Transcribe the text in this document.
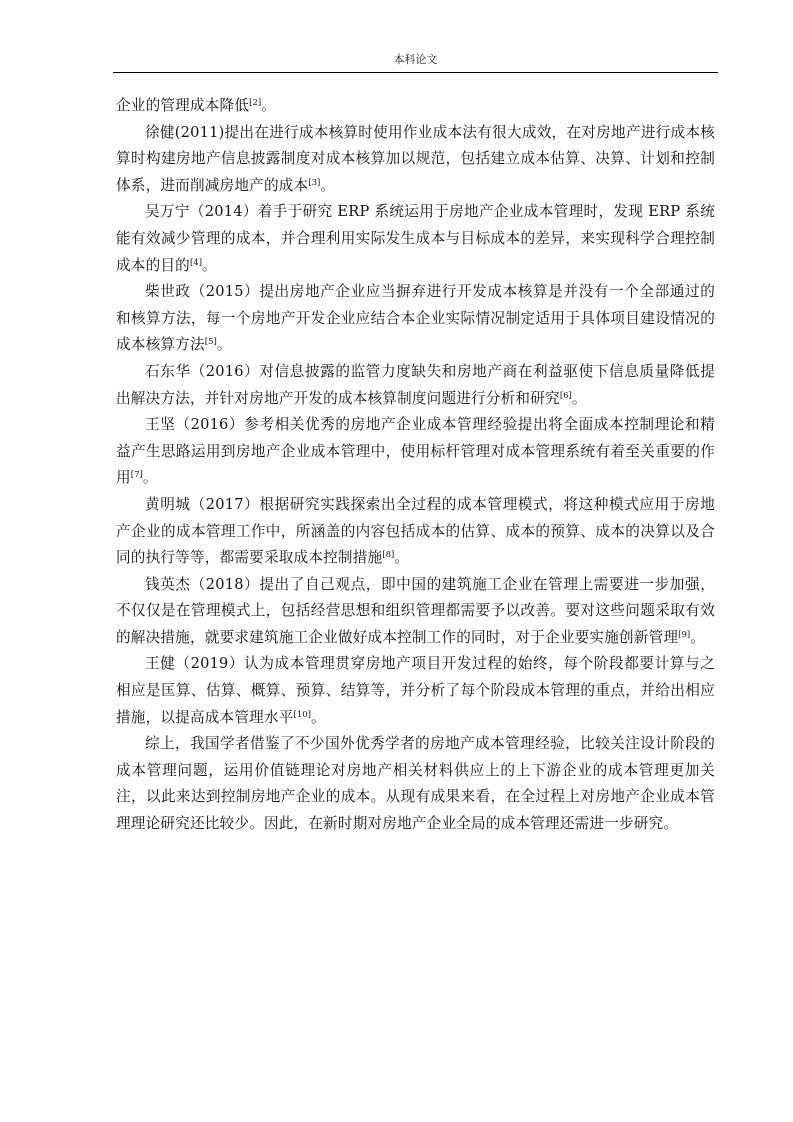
本科论文

企业的管理成本降低[2]。

徐健(2011)提出在进行成本核算时使用作业成本法有很大成效，在对房地产进行成本核算时构建房地产信息披露制度对成本核算加以规范，包括建立成本估算、决算、计划和控制体系，进而削减房地产的成本[3]。

吴万宁（2014）着手于研究 ERP 系统运用于房地产企业成本管理时，发现 ERP 系统能有效减少管理的成本，并合理利用实际发生成本与目标成本的差异，来实现科学合理控制成本的目的[4]。

柴世政（2015）提出房地产企业应当摒弃进行开发成本核算是并没有一个全部通过的和核算方法，每一个房地产开发企业应结合本企业实际情况制定适用于具体项目建设情况的成本核算方法[5]。

石东华（2016）对信息披露的监管力度缺失和房地产商在利益驱使下信息质量降低提出解决方法，并针对房地产开发的成本核算制度问题进行分析和研究[6]。

王坚（2016）参考相关优秀的房地产企业成本管理经验提出将全面成本控制理论和精益产生思路运用到房地产企业成本管理中，使用标杆管理对成本管理系统有着至关重要的作用[7]。

黄明城（2017）根据研究实践探索出全过程的成本管理模式，将这种模式应用于房地产企业的成本管理工作中，所涵盖的内容包括成本的估算、成本的预算、成本的决算以及合同的执行等等，都需要采取成本控制措施[8]。

钱英杰（2018）提出了自己观点，即中国的建筑施工企业在管理上需要进一步加强，不仅仅是在管理模式上，包括经营思想和组织管理都需要予以改善。要对这些问题采取有效的解决措施，就要求建筑施工企业做好成本控制工作的同时，对于企业要实施创新管理[9]。

王健（2019）认为成本管理贯穿房地产项目开发过程的始终，每个阶段都要计算与之相应是匡算、估算、概算、预算、结算等，并分析了每个阶段成本管理的重点，并给出相应措施，以提高成本管理水平[10]。

综上，我国学者借鉴了不少国外优秀学者的房地产成本管理经验，比较关注设计阶段的成本管理问题，运用价值链理论对房地产相关材料供应上的上下游企业的成本管理更加关注，以此来达到控制房地产企业的成本。从现有成果来看，在全过程上对房地产企业成本管理理论研究还比较少。因此，在新时期对房地产企业全局的成本管理还需进一步研究。
